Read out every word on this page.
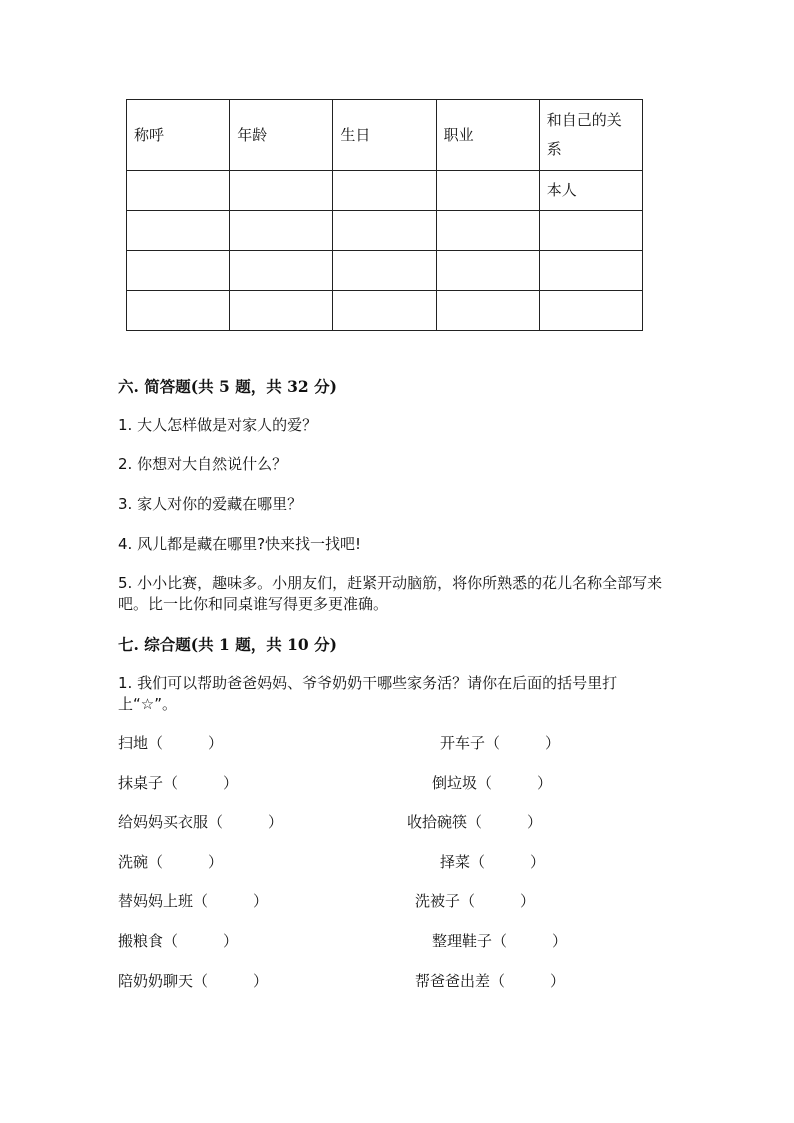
称呼	年龄	生日	职业	和自己的关系
				本人

六. 简答题(共 5 题，共 32 分)
1. 大人怎样做是对家人的爱？
2. 你想对大自然说什么？
3. 家人对你的爱藏在哪里？
4. 风儿都是藏在哪里?快来找一找吧!
5. 小小比赛，趣味多。小朋友们，赶紧开动脑筋，将你所熟悉的花儿名称全部写来吧。比一比你和同桌谁写得更多更准确。
七. 综合题(共 1 题，共 10 分)
1. 我们可以帮助爸爸妈妈、爷爷奶奶干哪些家务活？请你在后面的括号里打上“☆”。
扫地（　　　）	开车子（　　　）
抹桌子（　　　）	倒垃圾（　　　）
给妈妈买衣服（　　　）	收拾碗筷（　　　）
洗碗（　　　）	择菜（　　　）
替妈妈上班（　　　）	洗被子（　　　）
搬粮食（　　　）	整理鞋子（　　　）
陪奶奶聊天（　　　）	帮爸爸出差（　　　）
